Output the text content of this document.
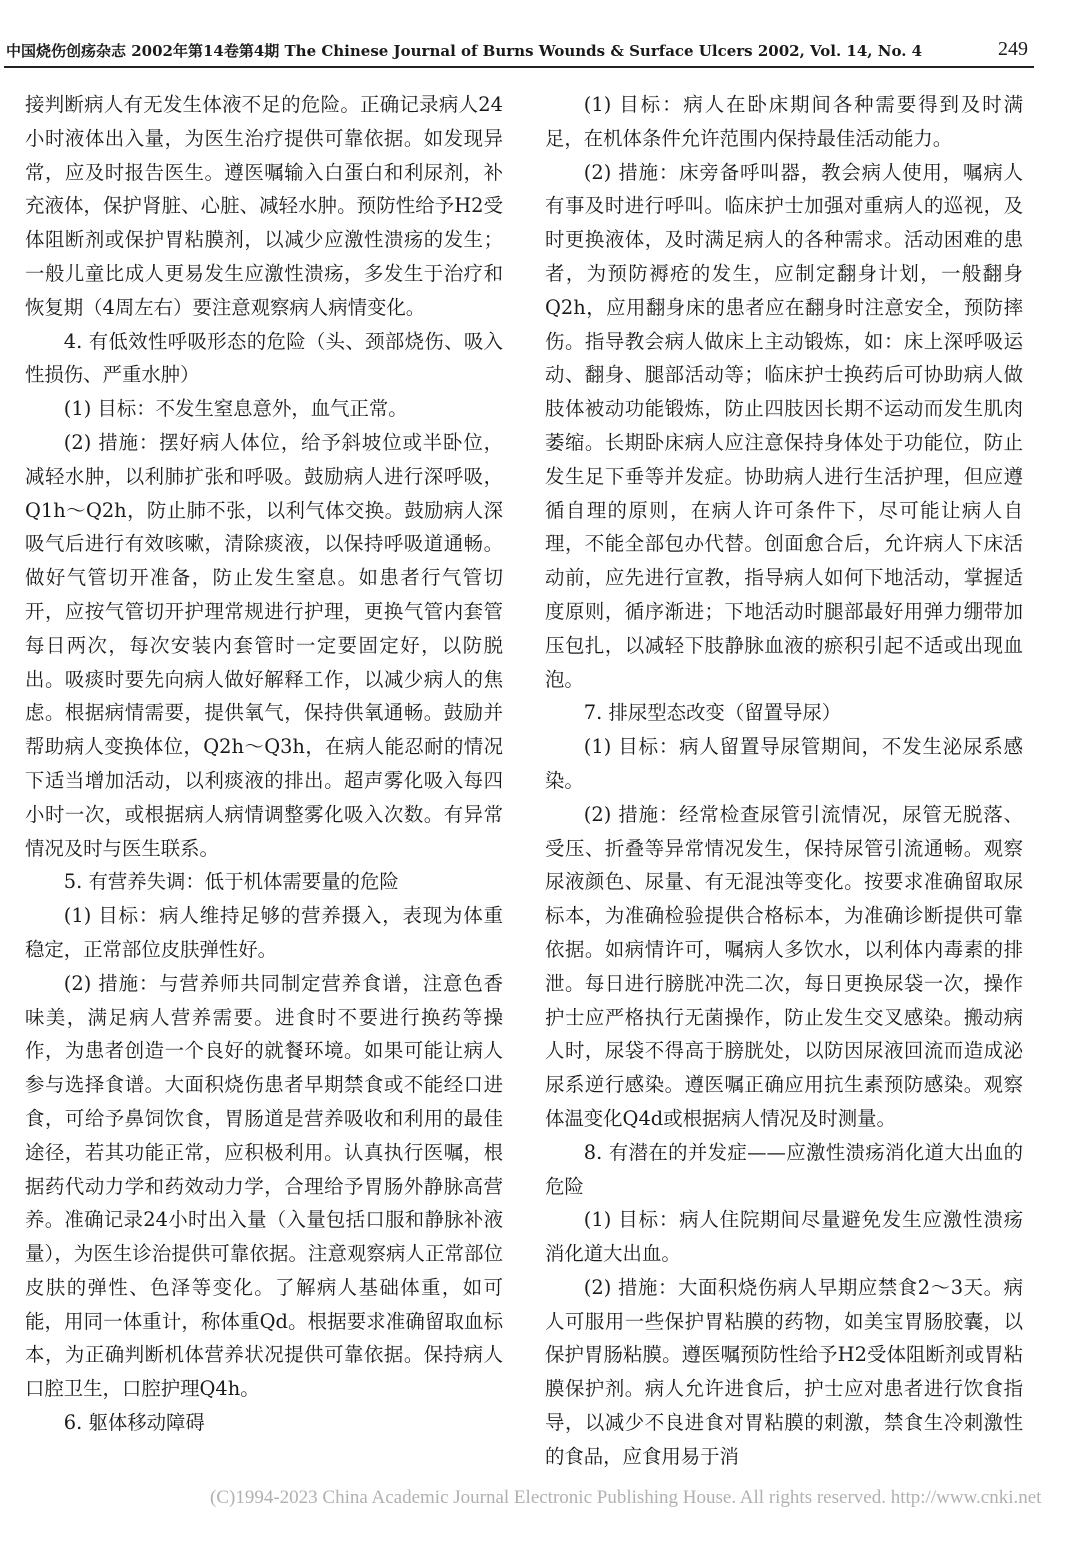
中国烧伤创疡杂志 2002年第14卷第4期 The Chinese Journal of Burns Wounds & Surface Ulcers 2002, Vol. 14, No. 4	249

接判断病人有无发生体液不足的危险。正确记录病人24小时液体出入量，为医生治疗提供可靠依据。如发现异常，应及时报告医生。遵医嘱输入白蛋白和利尿剂，补充液体，保护肾脏、心脏、减轻水肿。预防性给予H2受体阻断剂或保护胃粘膜剂，以减少应激性溃疡的发生；一般儿童比成人更易发生应激性溃疡，多发生于治疗和恢复期（4周左右）要注意观察病人病情变化。

4. 有低效性呼吸形态的危险（头、颈部烧伤、吸入性损伤、严重水肿）

(1) 目标：不发生窒息意外，血气正常。

(2) 措施：摆好病人体位，给予斜坡位或半卧位，减轻水肿，以利肺扩张和呼吸。鼓励病人进行深呼吸，Q1h～Q2h，防止肺不张，以利气体交换。鼓励病人深吸气后进行有效咳嗽，清除痰液，以保持呼吸道通畅。做好气管切开准备，防止发生窒息。如患者行气管切开，应按气管切开护理常规进行护理，更换气管内套管每日两次，每次安装内套管时一定要固定好，以防脱出。吸痰时要先向病人做好解释工作，以减少病人的焦虑。根据病情需要，提供氧气，保持供氧通畅。鼓励并帮助病人变换体位，Q2h～Q3h，在病人能忍耐的情况下适当增加活动，以利痰液的排出。超声雾化吸入每四小时一次，或根据病人病情调整雾化吸入次数。有异常情况及时与医生联系。

5. 有营养失调：低于机体需要量的危险

(1) 目标：病人维持足够的营养摄入，表现为体重稳定，正常部位皮肤弹性好。

(2) 措施：与营养师共同制定营养食谱，注意色香味美，满足病人营养需要。进食时不要进行换药等操作，为患者创造一个良好的就餐环境。如果可能让病人参与选择食谱。大面积烧伤患者早期禁食或不能经口进食，可给予鼻饲饮食，胃肠道是营养吸收和利用的最佳途径，若其功能正常，应积极利用。认真执行医嘱，根据药代动力学和药效动力学，合理给予胃肠外静脉高营养。准确记录24小时出入量（入量包括口服和静脉补液量），为医生诊治提供可靠依据。注意观察病人正常部位皮肤的弹性、色泽等变化。了解病人基础体重，如可能，用同一体重计，称体重Qd。根据要求准确留取血标本，为正确判断机体营养状况提供可靠依据。保持病人口腔卫生，口腔护理Q4h。

6. 躯体移动障碍

(1) 目标：病人在卧床期间各种需要得到及时满足，在机体条件允许范围内保持最佳活动能力。

(2) 措施：床旁备呼叫器，教会病人使用，嘱病人有事及时进行呼叫。临床护士加强对重病人的巡视，及时更换液体，及时满足病人的各种需求。活动困难的患者，为预防褥疮的发生，应制定翻身计划，一般翻身Q2h，应用翻身床的患者应在翻身时注意安全，预防摔伤。指导教会病人做床上主动锻炼，如：床上深呼吸运动、翻身、腿部活动等；临床护士换药后可协助病人做肢体被动功能锻炼，防止四肢因长期不运动而发生肌肉萎缩。长期卧床病人应注意保持身体处于功能位，防止发生足下垂等并发症。协助病人进行生活护理，但应遵循自理的原则，在病人许可条件下，尽可能让病人自理，不能全部包办代替。创面愈合后，允许病人下床活动前，应先进行宣教，指导病人如何下地活动，掌握适度原则，循序渐进；下地活动时腿部最好用弹力绷带加压包扎，以减轻下肢静脉血液的瘀积引起不适或出现血泡。

7. 排尿型态改变（留置导尿）

(1) 目标：病人留置导尿管期间，不发生泌尿系感染。

(2) 措施：经常检查尿管引流情况，尿管无脱落、受压、折叠等异常情况发生，保持尿管引流通畅。观察尿液颜色、尿量、有无混浊等变化。按要求准确留取尿标本，为准确检验提供合格标本，为准确诊断提供可靠依据。如病情许可，嘱病人多饮水，以利体内毒素的排泄。每日进行膀胱冲洗二次，每日更换尿袋一次，操作护士应严格执行无菌操作，防止发生交叉感染。搬动病人时，尿袋不得高于膀胱处，以防因尿液回流而造成泌尿系逆行感染。遵医嘱正确应用抗生素预防感染。观察体温变化Q4d或根据病人情况及时测量。

8. 有潜在的并发症——应激性溃疡消化道大出血的危险

(1) 目标：病人住院期间尽量避免发生应激性溃疡消化道大出血。

(2) 措施：大面积烧伤病人早期应禁食2～3天。病人可服用一些保护胃粘膜的药物，如美宝胃肠胶囊，以保护胃肠粘膜。遵医嘱预防性给予H2受体阻断剂或胃粘膜保护剂。病人允许进食后，护士应对患者进行饮食指导，以减少不良进食对胃粘膜的刺激，禁食生冷刺激性的食品，应食用易于消

(C)1994-2023 China Academic Journal Electronic Publishing House. All rights reserved. http://www.cnki.net
